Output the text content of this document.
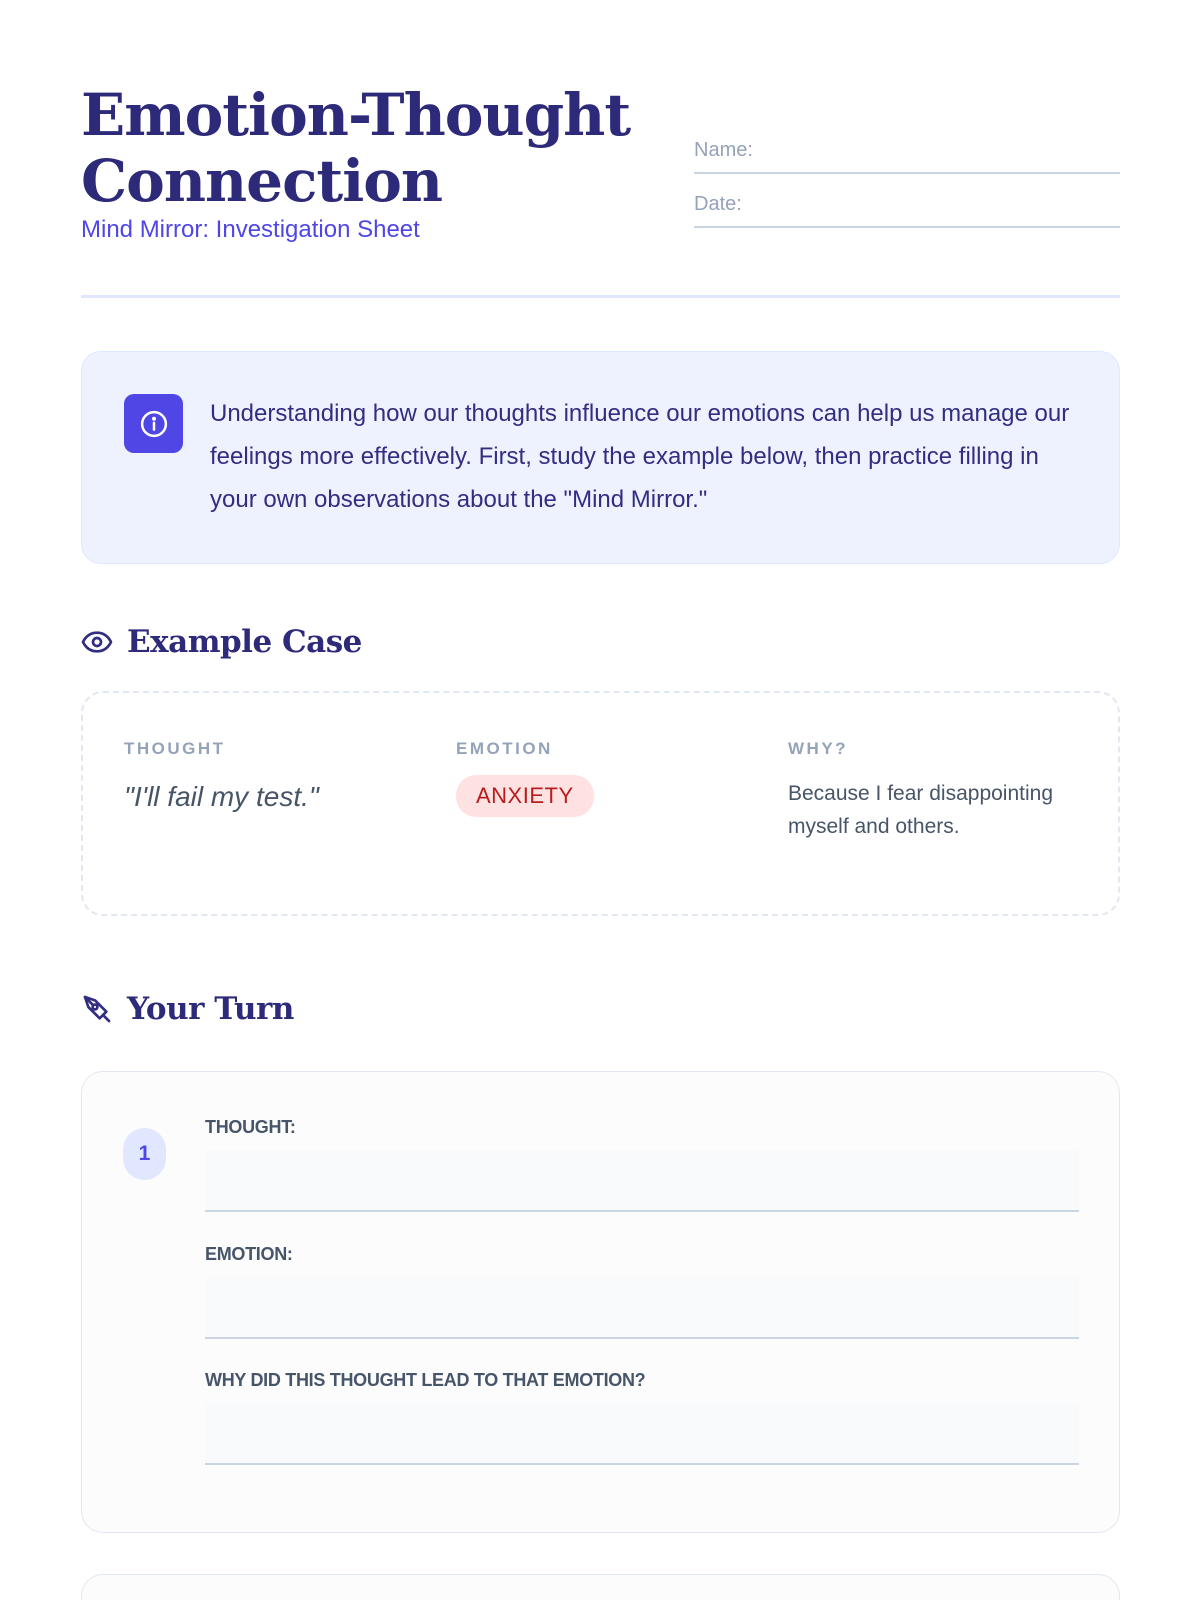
Emotion-Thought Connection
Mind Mirror: Investigation Sheet
Name:
Date:

Understanding how our thoughts influence our emotions can help us manage our feelings more effectively. First, study the example below, then practice filling in your own observations about the "Mind Mirror."

Example Case
THOUGHT
"I'll fail my test."
EMOTION
ANXIETY
WHY?
Because I fear disappointing myself and others.
Your Turn
1
THOUGHT:
EMOTION:
WHY DID THIS THOUGHT LEAD TO THAT EMOTION?
